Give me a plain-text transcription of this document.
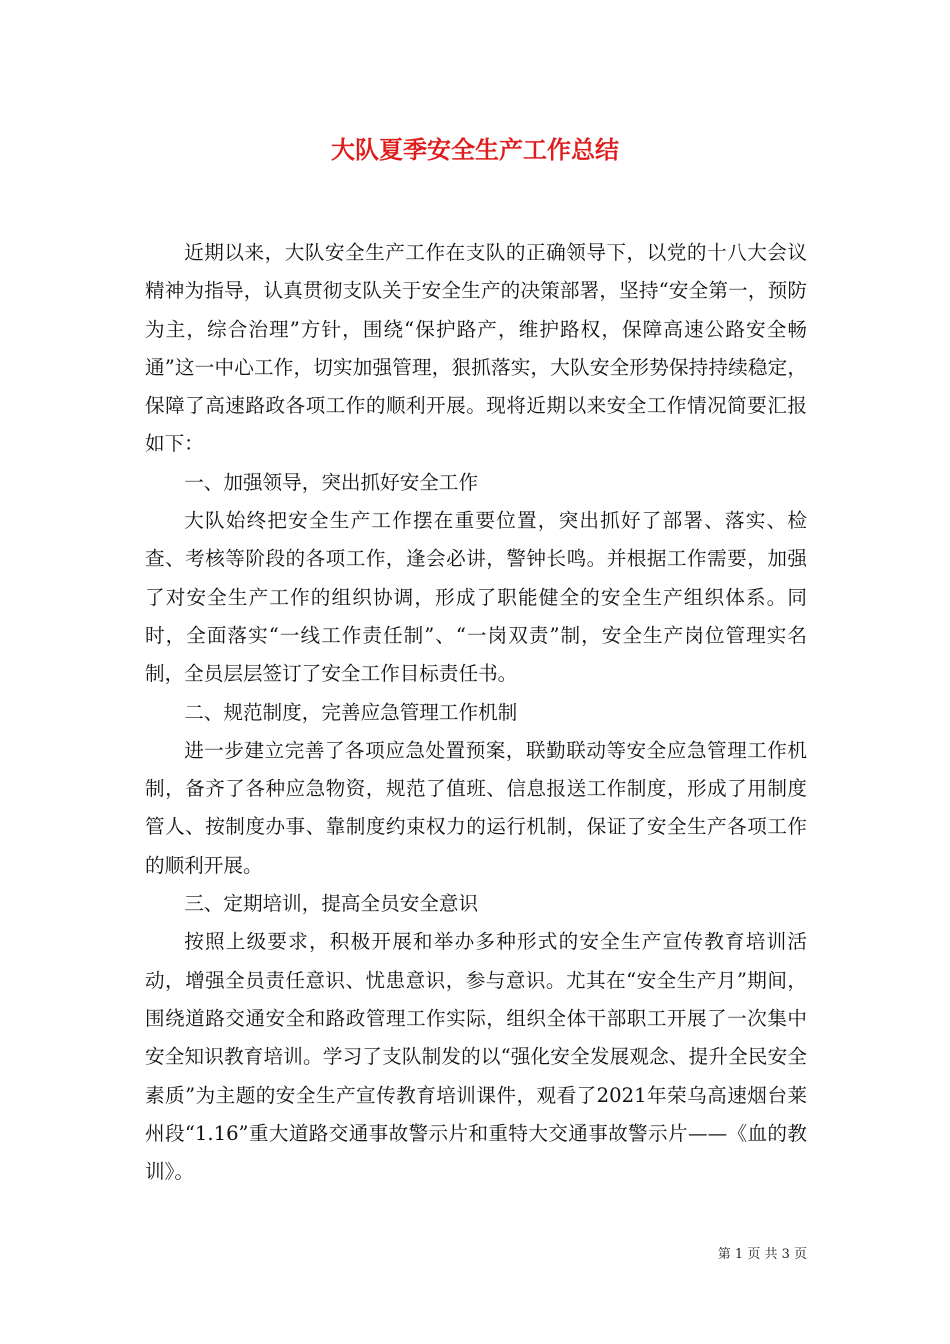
大队夏季安全生产工作总结

近期以来，大队安全生产工作在支队的正确领导下，以党的十八大会议精神为指导，认真贯彻支队关于安全生产的决策部署，坚持“安全第一，预防为主，综合治理”方针，围绕“保护路产，维护路权，保障高速公路安全畅通”这一中心工作，切实加强管理，狠抓落实，大队安全形势保持持续稳定，保障了高速路政各项工作的顺利开展。现将近期以来安全工作情况简要汇报如下：

一、加强领导，突出抓好安全工作

大队始终把安全生产工作摆在重要位置，突出抓好了部署、落实、检查、考核等阶段的各项工作，逢会必讲，警钟长鸣。并根据工作需要，加强了对安全生产工作的组织协调，形成了职能健全的安全生产组织体系。同时，全面落实“一线工作责任制”、“一岗双责”制，安全生产岗位管理实名制，全员层层签订了安全工作目标责任书。

二、规范制度，完善应急管理工作机制

进一步建立完善了各项应急处置预案，联勤联动等安全应急管理工作机制，备齐了各种应急物资，规范了值班、信息报送工作制度，形成了用制度管人、按制度办事、靠制度约束权力的运行机制，保证了安全生产各项工作的顺利开展。

三、定期培训，提高全员安全意识

按照上级要求，积极开展和举办多种形式的安全生产宣传教育培训活动，增强全员责任意识、忧患意识，参与意识。尤其在“安全生产月”期间，围绕道路交通安全和路政管理工作实际，组织全体干部职工开展了一次集中安全知识教育培训。学习了支队制发的以“强化安全发展观念、提升全民安全素质”为主题的安全生产宣传教育培训课件，观看了2021年荣乌高速烟台莱州段“1.16”重大道路交通事故警示片和重特大交通事故警示片——《血的教训》。

第 1 页 共 3 页
